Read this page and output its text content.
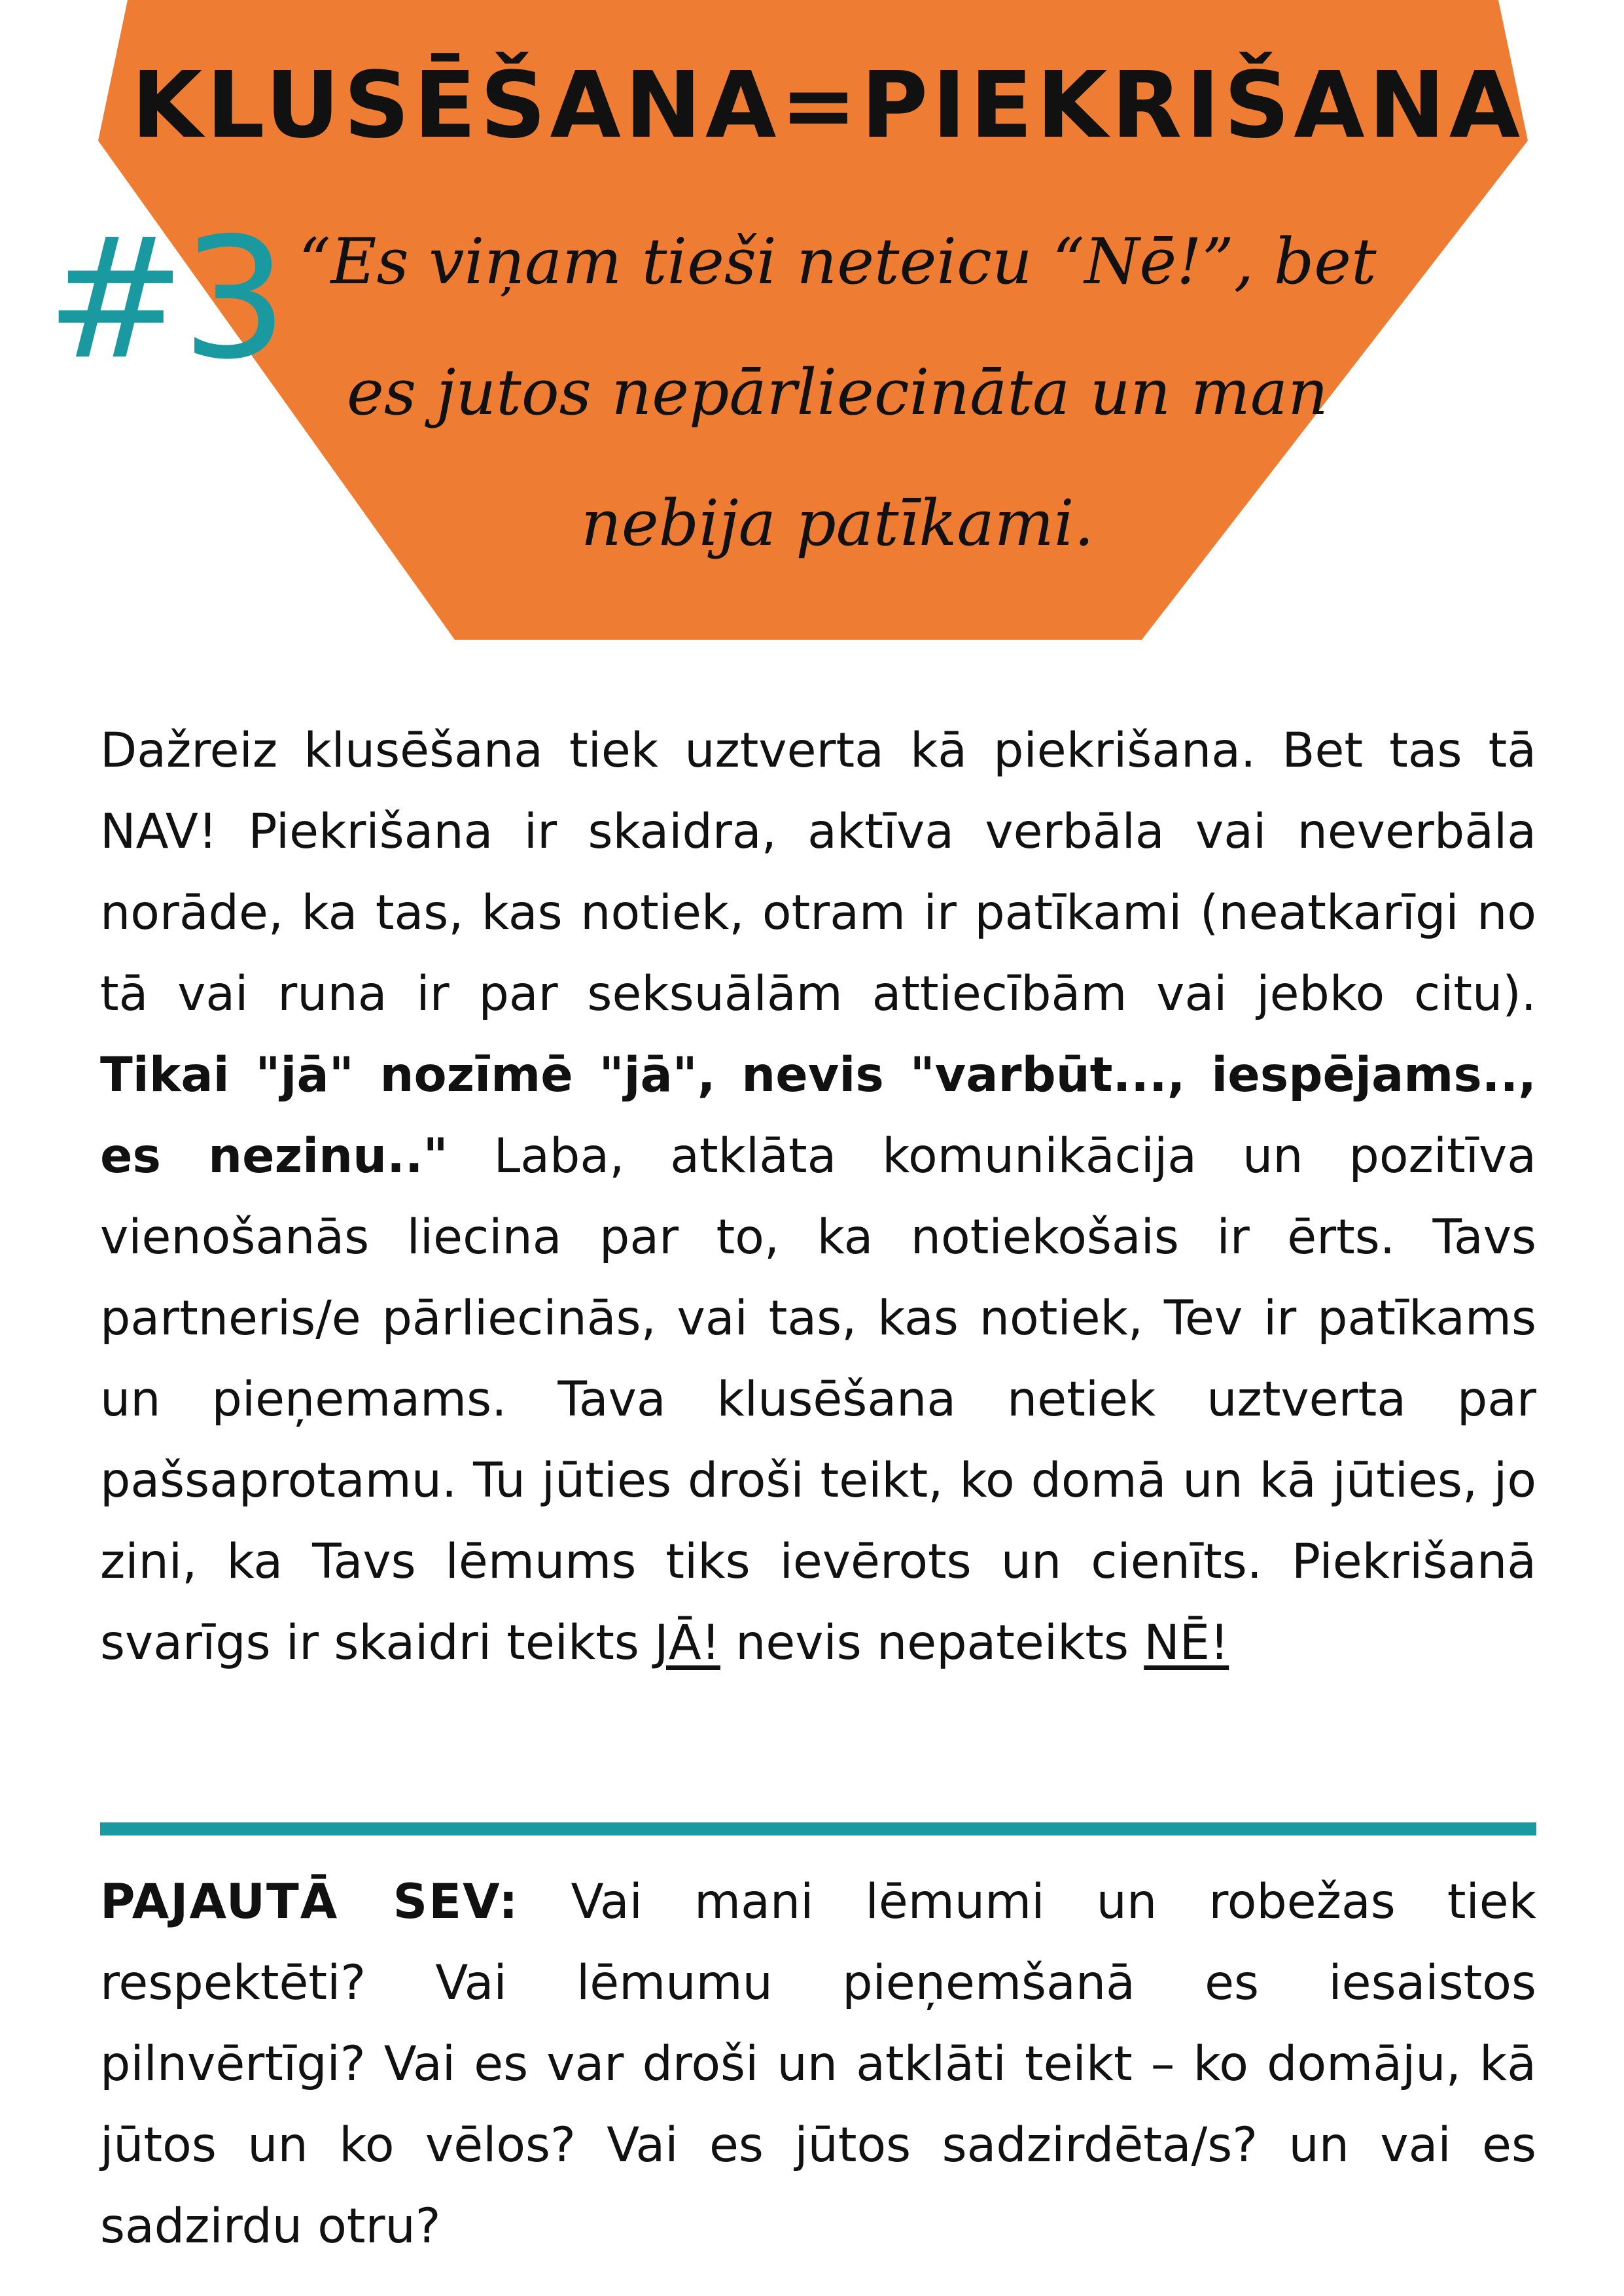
#3
KLUSĒŠANA=PIEKRIŠANA
“Es viņam tieši neteicu “Nē!”, bet es jutos nepārliecināta un man nebija patīkami.
Dažreiz klusēšana tiek uztverta kā piekrišana. Bet tas tā NAV! Piekrišana ir skaidra, aktīva verbāla vai neverbāla norāde, ka tas, kas notiek, otram ir patīkami (neatkarīgi no tā vai runa ir par seksuālām attiecībām vai jebko citu). Tikai "jā" nozīmē "jā", nevis "varbūt..., iespējams.., es nezinu.." Laba, atklāta komunikācija un pozitīva vienošanās liecina par to, ka notiekošais ir ērts. Tavs partneris/e pārliecinās, vai tas, kas notiek, Tev ir patīkams un pieņemams. Tava klusēšana netiek uztverta par pašsaprotamu. Tu jūties droši teikt, ko domā un kā jūties, jo zini, ka Tavs lēmums tiks ievērots un cienīts. Piekrišanā svarīgs ir skaidri teikts JĀ! nevis nepateikts NĒ!
PAJAUTĀ SEV: Vai mani lēmumi un robežas tiek respektēti? Vai lēmumu pieņemšanā es iesaistos pilnvērtīgi? Vai es var droši un atklāti teikt – ko domāju, kā jūtos un ko vēlos? Vai es jūtos sadzirdēta/s? un vai es sadzirdu otru?
